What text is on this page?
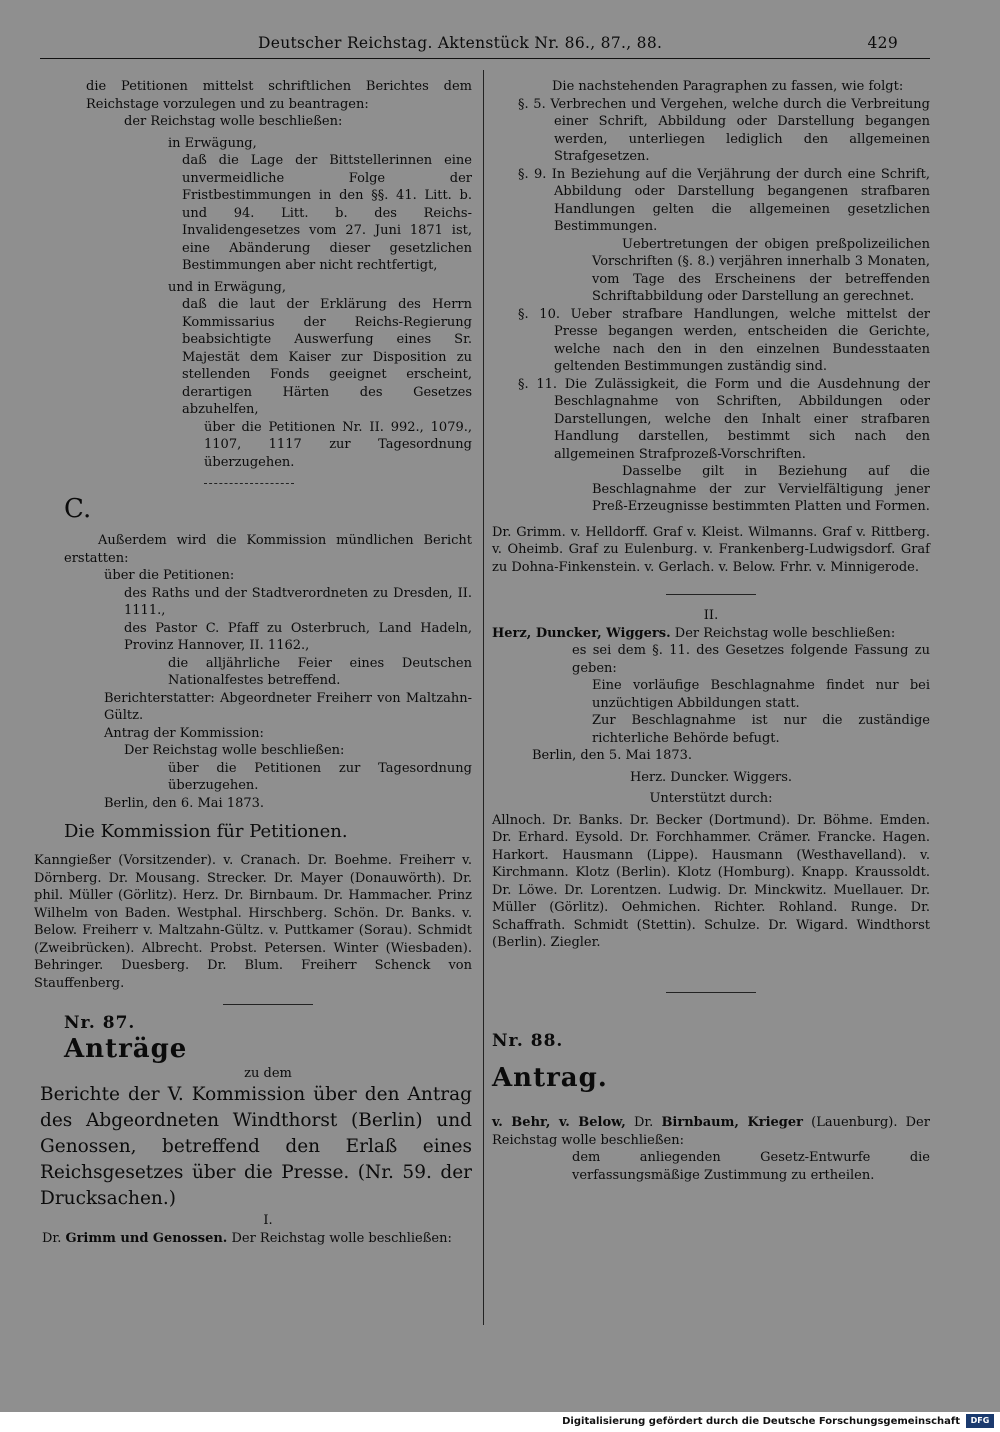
Deutscher Reichstag. Aktenstück Nr. 86., 87., 88.	429

die Petitionen mittelst schriftlichen Berichtes dem Reichstage vorzulegen und zu beantragen:

der Reichstag wolle beschließen:

in Erwägung,

daß die Lage der Bittstellerinnen eine unvermeidliche Folge der Fristbestimmungen in den §§. 41. Litt. b. und 94. Litt. b. des Reichs-Invalidengesetzes vom 27. Juni 1871 ist, eine Abänderung dieser gesetzlichen Bestimmungen aber nicht rechtfertigt,

und in Erwägung,

daß die laut der Erklärung des Herrn Kommissarius der Reichs-Regierung beabsichtigte Auswerfung eines Sr. Majestät dem Kaiser zur Disposition zu stellenden Fonds geeignet erscheint, derartigen Härten des Gesetzes abzuhelfen,

über die Petitionen Nr. II. 992., 1079., 1107, 1117 zur Tagesordnung überzugehen.

C.

Außerdem wird die Kommission mündlichen Bericht erstatten:

über die Petitionen:

des Raths und der Stadtverordneten zu Dresden, II. 1111.,

des Pastor C. Pfaff zu Osterbruch, Land Hadeln, Provinz Hannover, II. 1162.,

die alljährliche Feier eines Deutschen Nationalfestes betreffend.

Berichterstatter: Abgeordneter Freiherr von Maltzahn-Gültz.

Antrag der Kommission:

Der Reichstag wolle beschließen:

über die Petitionen zur Tagesordnung überzugehen.

Berlin, den 6. Mai 1873.

Die Kommission für Petitionen.

Kanngießer (Vorsitzender). v. Cranach. Dr. Boehme. Freiherr v. Dörnberg. Dr. Mousang. Strecker. Dr. Mayer (Donauwörth). Dr. phil. Müller (Görlitz). Herz. Dr. Birnbaum. Dr. Hammacher. Prinz Wilhelm von Baden. Westphal. Hirschberg. Schön. Dr. Banks. v. Below. Freiherr v. Maltzahn-Gültz. v. Puttkamer (Sorau). Schmidt (Zweibrücken). Albrecht. Probst. Petersen. Winter (Wiesbaden). Behringer. Duesberg. Dr. Blum. Freiherr Schenck von Stauffenberg.

Nr. 87.

Anträge

zu dem

Berichte der V. Kommission über den Antrag des Abgeordneten Windthorst (Berlin) und Genossen, betreffend den Erlaß eines Reichsgesetzes über die Presse. (Nr. 59. der Drucksachen.)

I.

Dr. Grimm und Genossen. Der Reichstag wolle beschließen:

Die nachstehenden Paragraphen zu fassen, wie folgt:

§. 5. Verbrechen und Vergehen, welche durch die Verbreitung einer Schrift, Abbildung oder Darstellung begangen werden, unterliegen lediglich den allgemeinen Strafgesetzen.

§. 9. In Beziehung auf die Verjährung der durch eine Schrift, Abbildung oder Darstellung begangenen strafbaren Handlungen gelten die allgemeinen gesetzlichen Bestimmungen.

Uebertretungen der obigen preßpolizeilichen Vorschriften (§. 8.) verjähren innerhalb 3 Monaten, vom Tage des Erscheinens der betreffenden Schriftabbildung oder Darstellung an gerechnet.

§. 10. Ueber strafbare Handlungen, welche mittelst der Presse begangen werden, entscheiden die Gerichte, welche nach den in den einzelnen Bundesstaaten geltenden Bestimmungen zuständig sind.

§. 11. Die Zulässigkeit, die Form und die Ausdehnung der Beschlagnahme von Schriften, Abbildungen oder Darstellungen, welche den Inhalt einer strafbaren Handlung darstellen, bestimmt sich nach den allgemeinen Strafprozeß-Vorschriften.

Dasselbe gilt in Beziehung auf die Beschlagnahme der zur Vervielfältigung jener Preß-Erzeugnisse bestimmten Platten und Formen.

Dr. Grimm. v. Helldorff. Graf v. Kleist. Wilmanns. Graf v. Rittberg. v. Oheimb. Graf zu Eulenburg. v. Frankenberg-Ludwigsdorf. Graf zu Dohna-Finkenstein. v. Gerlach. v. Below. Frhr. v. Minnigerode.

II.

Herz, Duncker, Wiggers. Der Reichstag wolle beschließen:

es sei dem §. 11. des Gesetzes folgende Fassung zu geben:

Eine vorläufige Beschlagnahme findet nur bei unzüchtigen Abbildungen statt.

Zur Beschlagnahme ist nur die zuständige richterliche Behörde befugt.

Berlin, den 5. Mai 1873.

Herz. Duncker. Wiggers.

Unterstützt durch:

Allnoch. Dr. Banks. Dr. Becker (Dortmund). Dr. Böhme. Emden. Dr. Erhard. Eysold. Dr. Forchhammer. Crämer. Francke. Hagen. Harkort. Hausmann (Lippe). Hausmann (Westhavelland). v. Kirchmann. Klotz (Berlin). Klotz (Homburg). Knapp. Kraussoldt. Dr. Löwe. Dr. Lorentzen. Ludwig. Dr. Minckwitz. Muellauer. Dr. Müller (Görlitz). Oehmichen. Richter. Rohland. Runge. Dr. Schaffrath. Schmidt (Stettin). Schulze. Dr. Wigard. Windthorst (Berlin). Ziegler.

Nr. 88.

Antrag.

v. Behr, v. Below, Dr. Birnbaum, Krieger (Lauenburg). Der Reichstag wolle beschließen:

dem anliegenden Gesetz-Entwurfe die verfassungsmäßige Zustimmung zu ertheilen.

Digitalisierung gefördert durch die Deutsche Forschungsgemeinschaft	DFG
